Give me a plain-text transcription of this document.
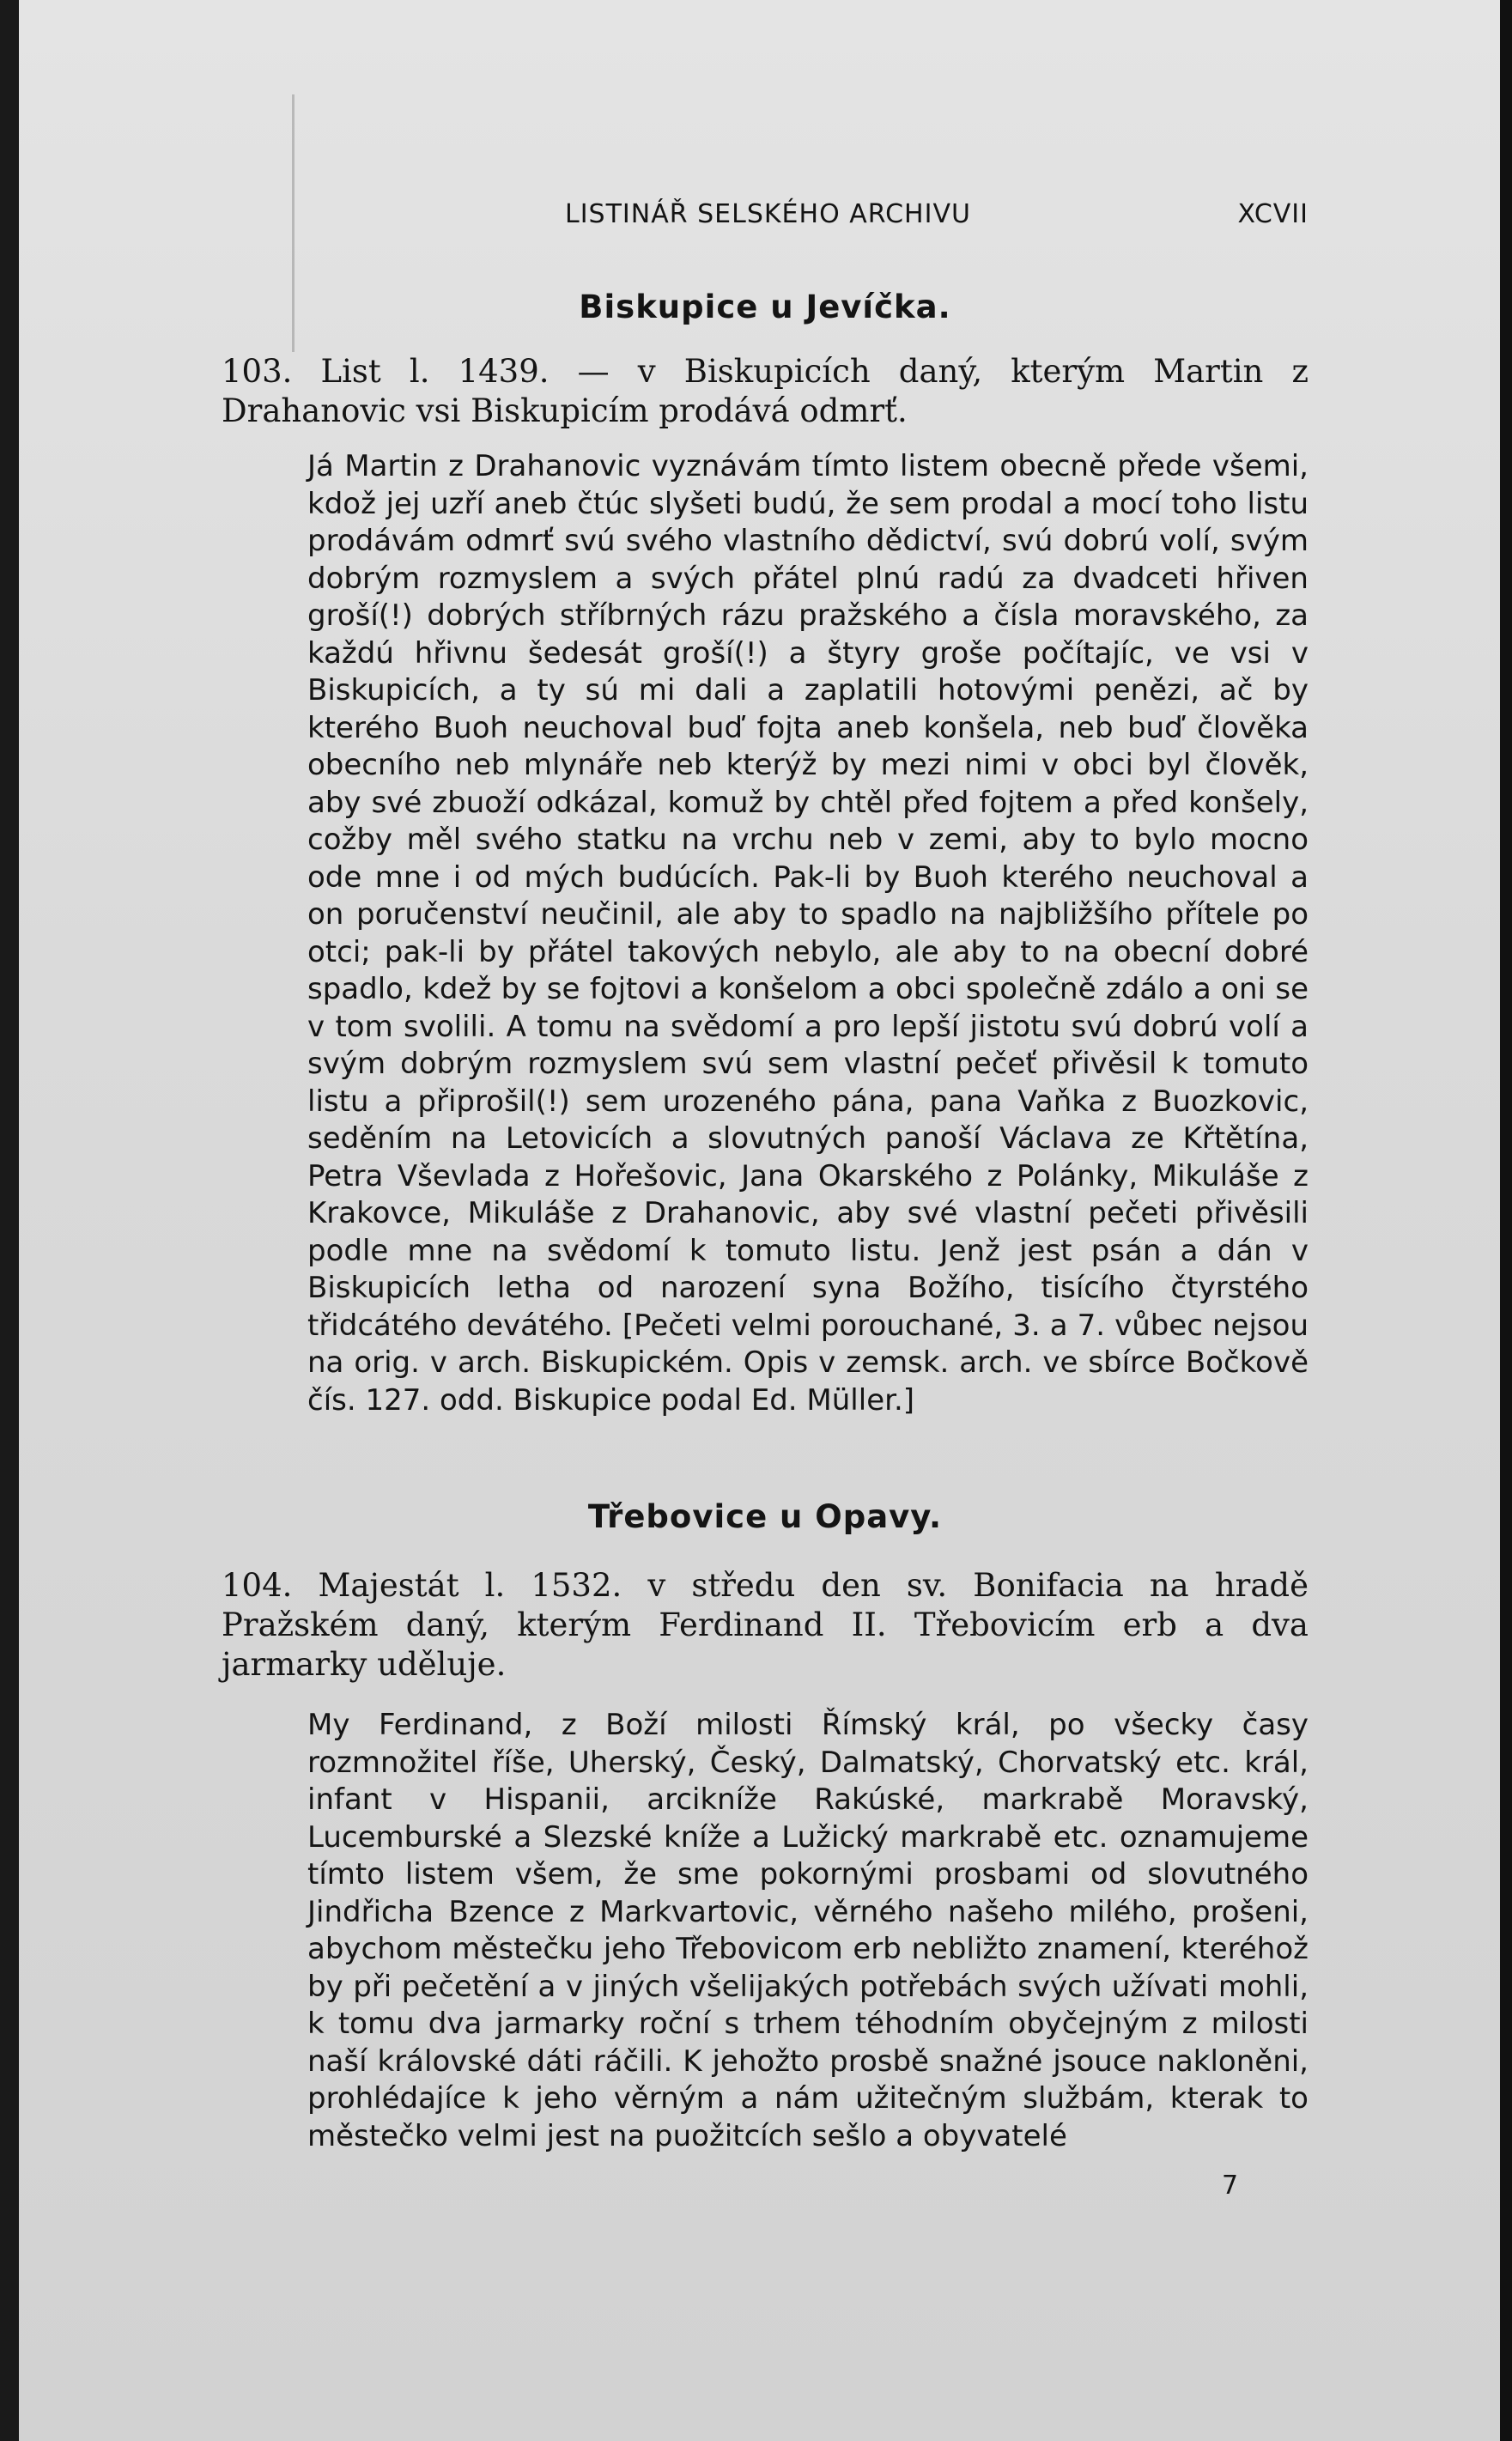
LISTINÁŘ SELSKÉHO ARCHIVU	XCVII
Biskupice u Jevíčka.
103. List l. 1439. — v Biskupicích daný, kterým Martin z Drahanovic vsi Biskupicím prodává odmrť.
Já Martin z Drahanovic vyznávám tímto listem obecně přede všemi, kdož jej uzří aneb čtúc slyšeti budú, že sem prodal a mocí toho listu prodávám odmrť svú svého vlastního dědictví, svú dobrú volí, svým dobrým rozmyslem a svých přátel plnú radú za dvadceti hřiven groší(!) dobrých stříbrných rázu pražského a čísla moravského, za každú hřivnu šedesát groší(!) a štyry groše počítajíc, ve vsi v Biskupicích, a ty sú mi dali a zaplatili hotovými penězi, ač by kterého Buoh neuchoval buď fojta aneb konšela, neb buď člověka obecního neb mlynáře neb kterýž by mezi nimi v obci byl člověk, aby své zbuoží odkázal, komuž by chtěl před fojtem a před konšely, cožby měl svého statku na vrchu neb v zemi, aby to bylo mocno ode mne i od mých budúcích. Pak-li by Buoh kterého neuchoval a on poručenství neučinil, ale aby to spadlo na najbližšího přítele po otci; pak-li by přátel takových nebylo, ale aby to na obecní dobré spadlo, kdež by se fojtovi a konšelom a obci společně zdálo a oni se v tom svolili. A tomu na svědomí a pro lepší jistotu svú dobrú volí a svým dobrým rozmyslem svú sem vlastní pečeť přivěsil k tomuto listu a připrošil(!) sem urozeného pána, pana Vaňka z Buozkovic, seděním na Letovicích a slovutných panoší Václava ze Křtětína, Petra Vševlada z Hořešovic, Jana Okarského z Polánky, Mikuláše z Krakovce, Mikuláše z Drahanovic, aby své vlastní pečeti přivěsili podle mne na svědomí k tomuto listu. Jenž jest psán a dán v Biskupicích letha od narození syna Božího, tisícího čtyrstého třidcátého devátého. [Pečeti velmi porouchané, 3. a 7. vůbec nejsou na orig. v arch. Biskupickém. Opis v zemsk. arch. ve sbírce Bočkově čís. 127. odd. Biskupice podal Ed. Müller.]
Třebovice u Opavy.
104. Majestát l. 1532. v středu den sv. Bonifacia na hradě Pražském daný, kterým Ferdinand II. Třebovicím erb a dva jarmarky uděluje.
My Ferdinand, z Boží milosti Římský král, po všecky časy rozmnožitel říše, Uherský, Český, Dalmatský, Chorvatský etc. král, infant v Hispanii, arcikníže Rakúské, markrabě Moravský, Lucemburské a Slezské kníže a Lužický markrabě etc. oznamujeme tímto listem všem, že sme pokornými prosbami od slovutného Jindřicha Bzence z Markvartovic, věrného našeho milého, prošeni, abychom městečku jeho Třebovicom erb nebližto znamení, kteréhož by při pečetění a v jiných všelijakých potřebách svých užívati mohli, k tomu dva jarmarky roční s trhem téhodním obyčejným z milosti naší královské dáti ráčili. K jehožto prosbě snažné jsouce nakloněni, prohlédajíce k jeho věrným a nám užitečným službám, kterak to městečko velmi jest na puožitcích sešlo a obyvatelé
7
